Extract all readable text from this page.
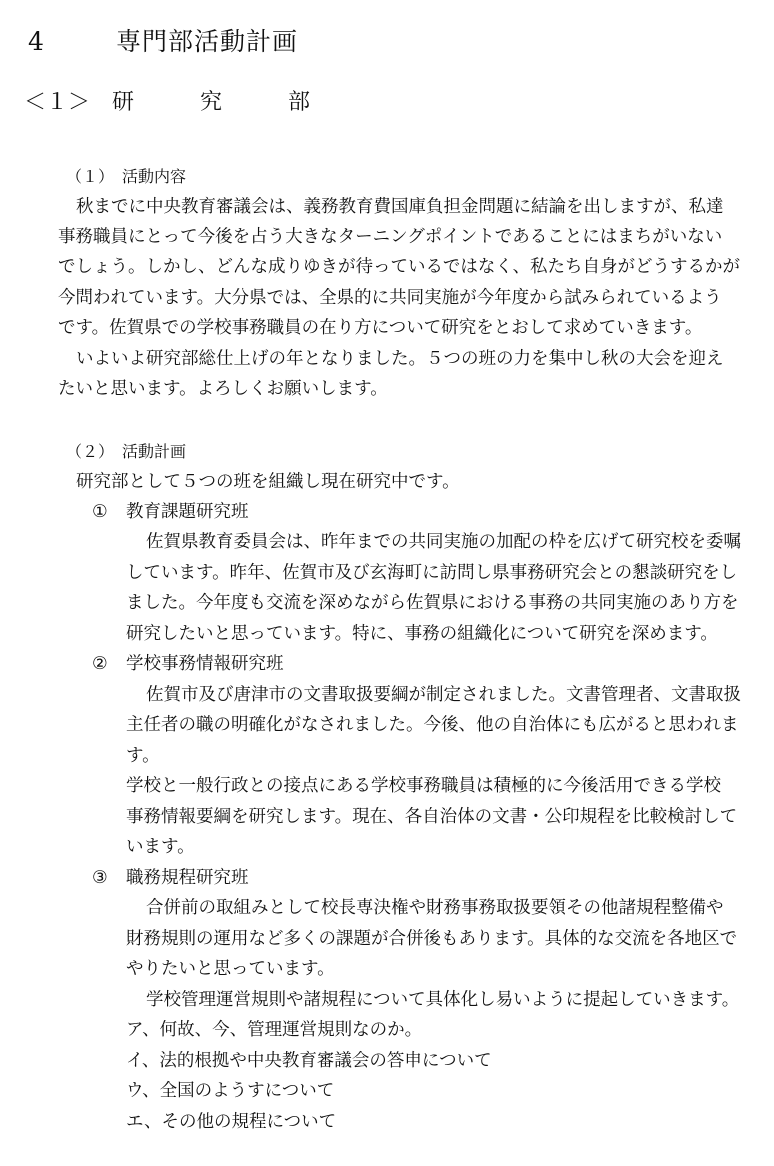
4	専門部活動計画
＜１＞ 研　究　部
（１）　活動内容
秋までに中央教育審議会は、義務教育費国庫負担金問題に結論を出しますが、私達
事務職員にとって今後を占う大きなターニングポイントであることにはまちがいない
でしょう。しかし、どんな成りゆきが待っているではなく、私たち自身がどうするかが
今問われています。大分県では、全県的に共同実施が今年度から試みられているよう
です。佐賀県での学校事務職員の在り方について研究をとおして求めていきます。
いよいよ研究部総仕上げの年となりました。５つの班の力を集中し秋の大会を迎え
たいと思います。よろしくお願いします。
（２）　活動計画
研究部として５つの班を組織し現在研究中です。
① 教育課題研究班
佐賀県教育委員会は、昨年までの共同実施の加配の枠を広げて研究校を委嘱
しています。昨年、佐賀市及び玄海町に訪問し県事務研究会との懇談研究をし
ました。今年度も交流を深めながら佐賀県における事務の共同実施のあり方を
研究したいと思っています。特に、事務の組織化について研究を深めます。
② 学校事務情報研究班
佐賀市及び唐津市の文書取扱要綱が制定されました。文書管理者、文書取扱
主任者の職の明確化がなされました。今後、他の自治体にも広がると思われま
す。
学校と一般行政との接点にある学校事務職員は積極的に今後活用できる学校
事務情報要綱を研究します。現在、各自治体の文書・公印規程を比較検討して
います。
③ 職務規程研究班
合併前の取組みとして校長専決権や財務事務取扱要領その他諸規程整備や
財務規則の運用など多くの課題が合併後もあります。具体的な交流を各地区で
やりたいと思っています。
学校管理運営規則や諸規程について具体化し易いように提起していきます。
ア、何故、今、管理運営規則なのか。
イ、法的根拠や中央教育審議会の答申について
ウ、全国のようすについて
エ、その他の規程について
